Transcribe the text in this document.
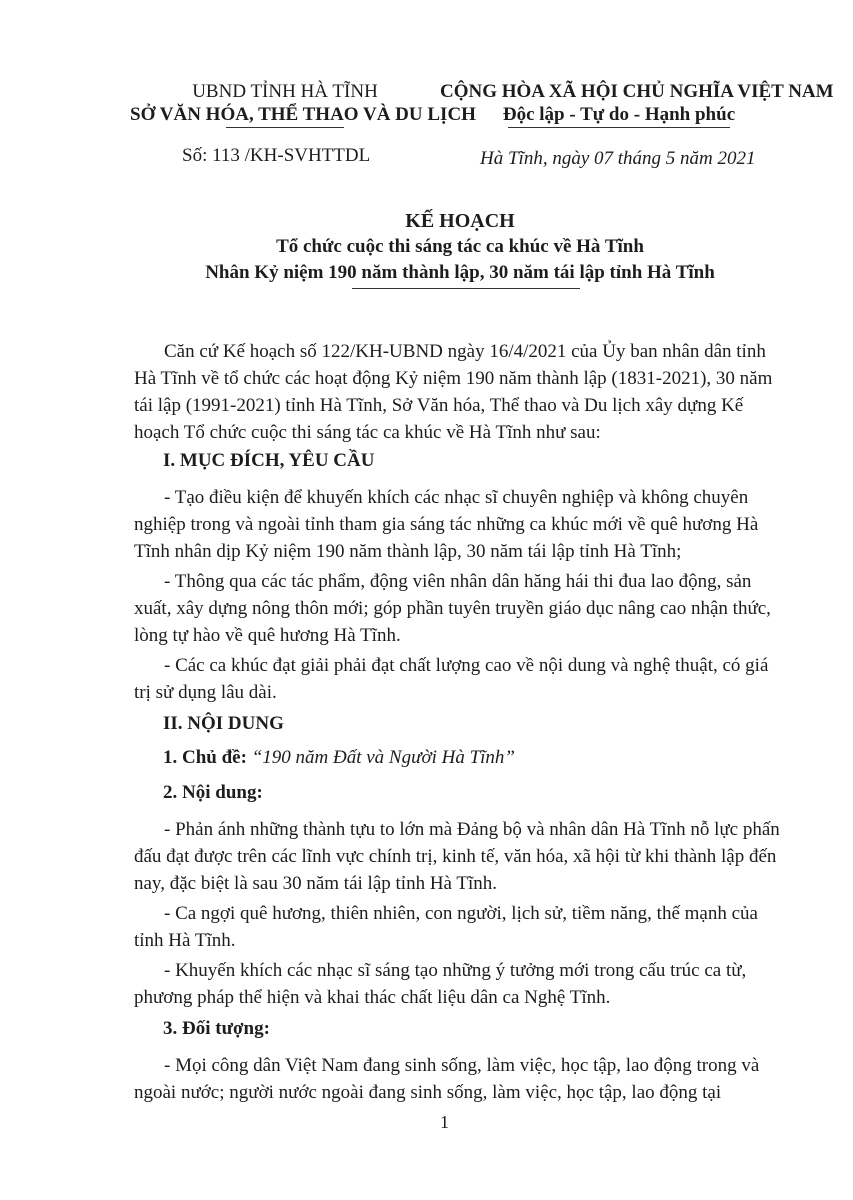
UBND TỈNH HÀ TĨNH
SỞ VĂN HÓA, THỂ THAO VÀ DU LỊCH
CỘNG HÒA XÃ HỘI CHỦ NGHĨA VIỆT NAM
Độc lập - Tự do - Hạnh phúc
Số: 113 /KH-SVHTTDL	Hà Tĩnh, ngày 07 tháng 5 năm 2021
KẾ HOẠCH
Tổ chức cuộc thi sáng tác ca khúc về Hà Tĩnh
Nhân Kỷ niệm 190 năm thành lập, 30 năm tái lập tỉnh Hà Tĩnh
Căn cứ Kế hoạch số 122/KH-UBND ngày 16/4/2021 của Ủy ban nhân dân tỉnh Hà Tĩnh về tổ chức các hoạt động Kỷ niệm 190 năm thành lập (1831-2021), 30 năm tái lập (1991-2021) tỉnh Hà Tĩnh, Sở Văn hóa, Thể thao và Du lịch xây dựng Kế hoạch Tổ chức cuộc thi sáng tác ca khúc về Hà Tĩnh như sau:
I. MỤC ĐÍCH, YÊU CẦU
- Tạo điều kiện để khuyến khích các nhạc sĩ chuyên nghiệp và không chuyên nghiệp trong và ngoài tỉnh tham gia sáng tác những ca khúc mới về quê hương Hà Tĩnh nhân dịp Kỷ niệm 190 năm thành lập, 30 năm tái lập tỉnh Hà Tĩnh;
- Thông qua các tác phẩm, động viên nhân dân hăng hái thi đua lao động, sản xuất, xây dựng nông thôn mới; góp phần tuyên truyền giáo dục nâng cao nhận thức, lòng tự hào về quê hương Hà Tĩnh.
- Các ca khúc đạt giải phải đạt chất lượng cao về nội dung và nghệ thuật, có giá trị sử dụng lâu dài.
II. NỘI DUNG
1. Chủ đề: “190 năm Đất và Người Hà Tĩnh”
2. Nội dung:
- Phản ánh những thành tựu to lớn mà Đảng bộ và nhân dân Hà Tĩnh nỗ lực phấn đấu đạt được trên các lĩnh vực chính trị, kinh tế, văn hóa, xã hội từ khi thành lập đến nay, đặc biệt là sau 30 năm tái lập tỉnh Hà Tĩnh.
- Ca ngợi quê hương, thiên nhiên, con người, lịch sử, tiềm năng, thế mạnh của tỉnh Hà Tĩnh.
- Khuyến khích các nhạc sĩ sáng tạo những ý tưởng mới trong cấu trúc ca từ, phương pháp thể hiện và khai thác chất liệu dân ca Nghệ Tĩnh.
3. Đối tượng:
- Mọi công dân Việt Nam đang sinh sống, làm việc, học tập, lao động trong và ngoài nước; người nước ngoài đang sinh sống, làm việc, học tập, lao động tại
1
